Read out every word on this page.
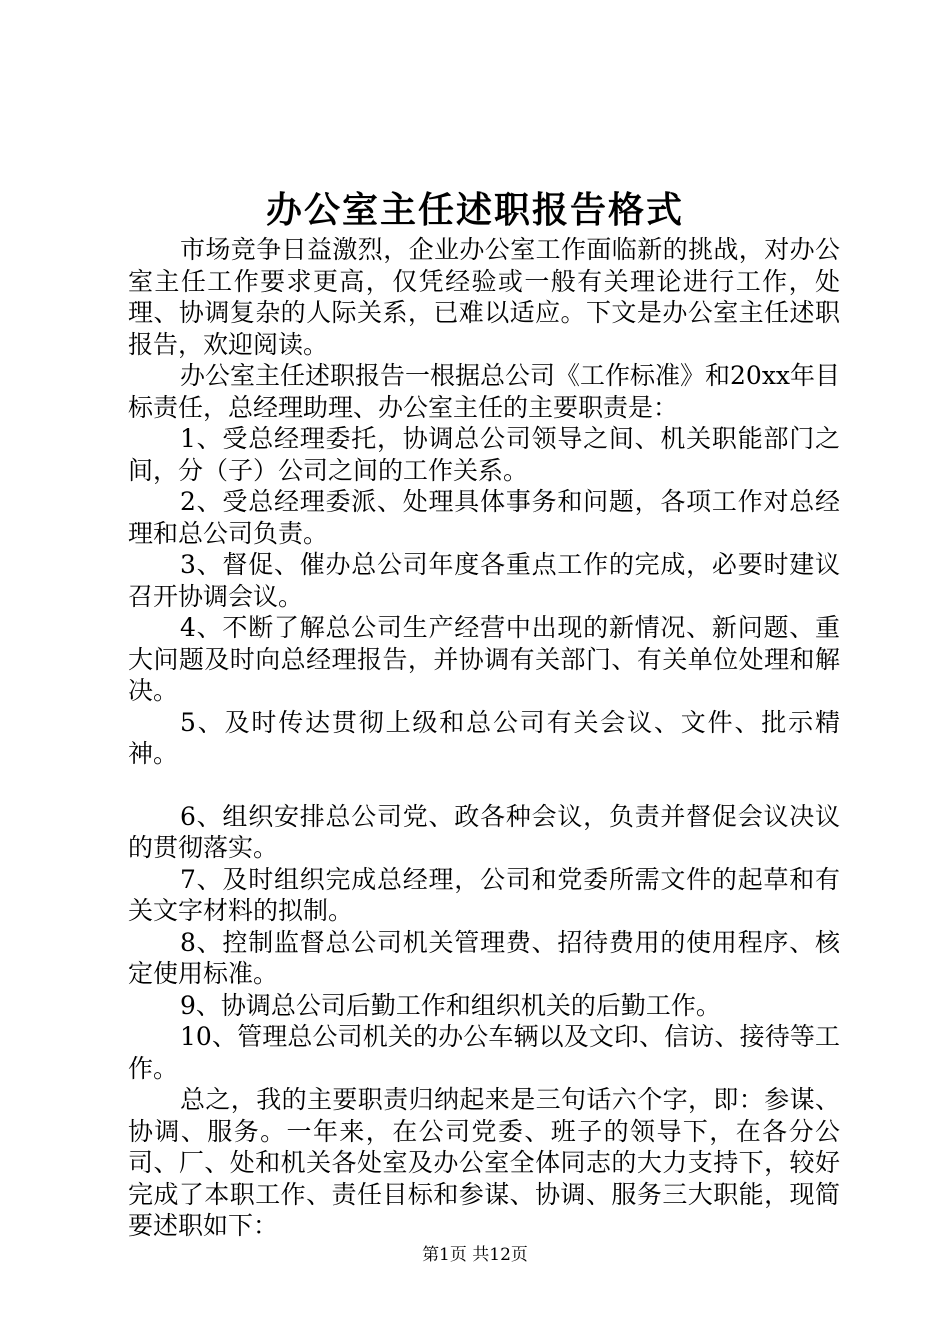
办公室主任述职报告格式

市场竞争日益激烈，企业办公室工作面临新的挑战，对办公室主任工作要求更高，仅凭经验或一般有关理论进行工作，处理、协调复杂的人际关系，已难以适应。下文是办公室主任述职报告，欢迎阅读。

办公室主任述职报告一根据总公司《工作标准》和20xx年目标责任，总经理助理、办公室主任的主要职责是：

1、受总经理委托，协调总公司领导之间、机关职能部门之间，分（子）公司之间的工作关系。

2、受总经理委派、处理具体事务和问题，各项工作对总经理和总公司负责。

3、督促、催办总公司年度各重点工作的完成，必要时建议召开协调会议。

4、不断了解总公司生产经营中出现的新情况、新问题、重大问题及时向总经理报告，并协调有关部门、有关单位处理和解决。

5、及时传达贯彻上级和总公司有关会议、文件、批示精神。

6、组织安排总公司党、政各种会议，负责并督促会议决议的贯彻落实。

7、及时组织完成总经理，公司和党委所需文件的起草和有关文字材料的拟制。

8、控制监督总公司机关管理费、招待费用的使用程序、核定使用标准。

9、协调总公司后勤工作和组织机关的后勤工作。

10、管理总公司机关的办公车辆以及文印、信访、接待等工作。

总之，我的主要职责归纳起来是三句话六个字，即：参谋、协调、服务。一年来，在公司党委、班子的领导下，在各分公司、厂、处和机关各处室及办公室全体同志的大力支持下，较好完成了本职工作、责任目标和参谋、协调、服务三大职能，现简要述职如下：

第1页 共12页
